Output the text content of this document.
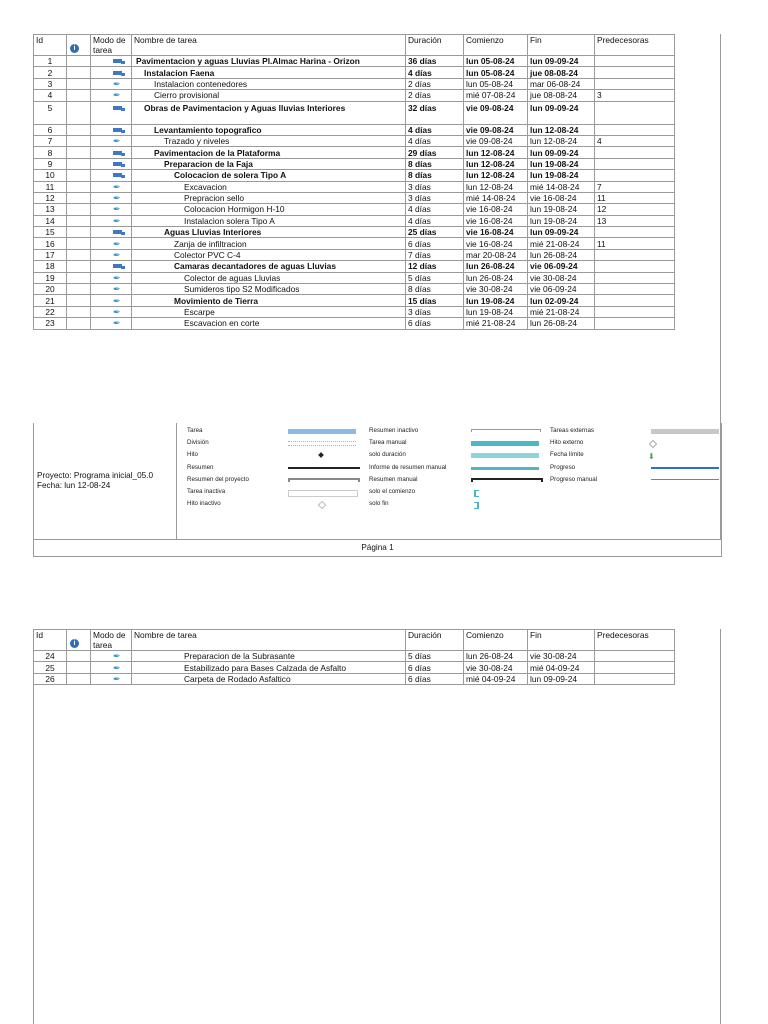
Id	i	Modo de
tarea	Nombre de tarea	Duración	Comienzo	Fin	Predecesoras
1			Pavimentacion y aguas Lluvias Pl.Almac Harina - Orizon	36 días	lun 05-08-24	lun 09-09-24	
2			Instalacion Faena	4 días	lun 05-08-24	jue 08-08-24	
3		✒	Instalacion contenedores	2 días	lun 05-08-24	mar 06-08-24	
4		✒	Cierro provisional	2 días	mié 07-08-24	jue 08-08-24	3
5			Obras de Pavimentacion y Aguas lluvias Interiores	32 días	vie 09-08-24	lun 09-09-24	
6			Levantamiento topografico	4 días	vie 09-08-24	lun 12-08-24	
7		✒	Trazado y niveles	4 días	vie 09-08-24	lun 12-08-24	4
8			Pavimentacion de la Plataforma	29 días	lun 12-08-24	lun 09-09-24	
9			Preparacion de la Faja	8 días	lun 12-08-24	lun 19-08-24	
10			Colocacion de solera Tipo A	8 días	lun 12-08-24	lun 19-08-24	
11		✒	Excavacion	3 días	lun 12-08-24	mié 14-08-24	7
12		✒	Prepracion sello	3 días	mié 14-08-24	vie 16-08-24	11
13		✒	Colocacion Hormigon H-10	4 días	vie 16-08-24	lun 19-08-24	12
14		✒	Instalacion solera Tipo A	4 días	vie 16-08-24	lun 19-08-24	13
15			Aguas Lluvias Interiores	25 días	vie 16-08-24	lun 09-09-24	
16		✒	Zanja de infiltracion	6 días	vie 16-08-24	mié 21-08-24	11
17		✒	Colector PVC C-4	7 días	mar 20-08-24	lun 26-08-24	
18			Camaras decantadores de aguas Lluvias	12 días	lun 26-08-24	vie 06-09-24	
19		✒	Colector de aguas Lluvias	5 días	lun 26-08-24	vie 30-08-24	
20		✒	Sumideros tipo S2 Modificados	8 días	vie 30-08-24	vie 06-09-24	
21		✒	Movimiento de Tierra	15 días	lun 19-08-24	lun 02-09-24	
22		✒	Escarpe	3 días	lun 19-08-24	mié 21-08-24	
23		✒	Escavacion en corte	6 días	mié 21-08-24	lun 26-08-24	
Proyecto: Programa inicial_05.0
Fecha: lun 12-08-24
Tarea
División
Hito
Resumen
Resumen del proyecto
Tarea inactiva
Hito inactivo
Resumen inactivo
Tarea manual
solo duración
Informe de resumen manual
Resumen manual
solo el comienzo
solo fin
Tareas externas
Hito externo
Fecha límite
Progreso
Progreso manual
⬇
Página 1
Id	i	Modo de
tarea	Nombre de tarea	Duración	Comienzo	Fin	Predecesoras
24		✒	Preparacion de la Subrasante	5 días	lun 26-08-24	vie 30-08-24	
25		✒	Estabilizado para Bases Calzada de Asfalto	6 días	vie 30-08-24	mié 04-09-24	
26		✒	Carpeta de Rodado Asfaltico	6 días	mié 04-09-24	lun 09-09-24	
